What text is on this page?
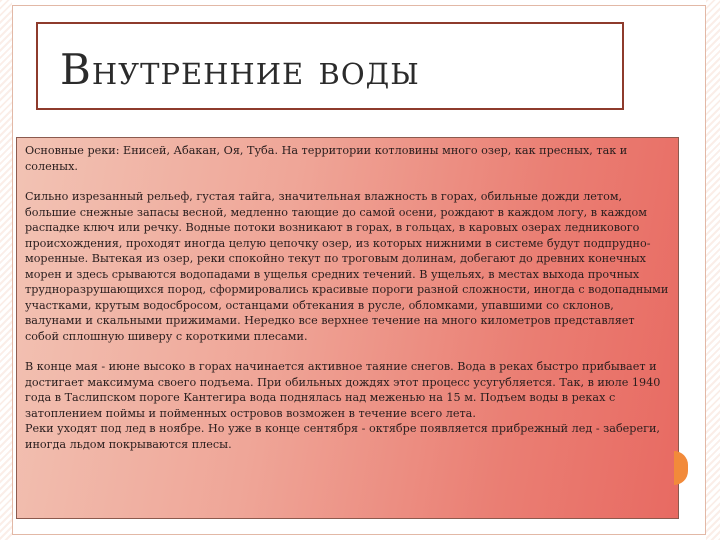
Внутренние воды

Основные реки: Енисей, Абакан, Оя, Туба. На территории котловины много озер, как пресных, так и соленых.

Сильно изрезанный рельеф, густая тайга, значительная влажность в горах, обильные дожди летом, большие снежные запасы весной, медленно тающие до самой осени, рождают в каждом логу, в каждом распадке ключ или речку. Водные потоки возникают в горах, в гольцах, в каровых озерах ледникового происхождения, проходят иногда целую цепочку озер, из которых нижними в системе будут подпрудно-моренные. Вытекая из озер, реки спокойно текут по троговым долинам, добегают до древних конечных морен и здесь срываются водопадами в ущелья средних течений. В ущельях, в местах выхода прочных трудноразрушающихся пород, сформировались красивые пороги разной сложности, иногда с водопадными участками, крутым водосбросом, останцами обтекания в русле, обломками, упавшими со склонов, валунами и скальными прижимами. Нередко все верхнее течение на много километров представляет собой сплошную шиверу с короткими плесами.

В конце мая - июне высоко в горах начинается активное таяние снегов. Вода в реках быстро прибывает и достигает максимума своего подъема. При обильных дождях этот процесс усугубляется. Так, в июле 1940 года в Таслипском пороге Кантегира вода поднялась над меженью на 15 м. Подъем воды в реках с затоплением поймы и пойменных островов возможен в течение всего лета.

Реки уходят под лед в ноябре. Но уже в конце сентября - октябре появляется прибрежный лед - забереги, иногда льдом покрываются плесы.
